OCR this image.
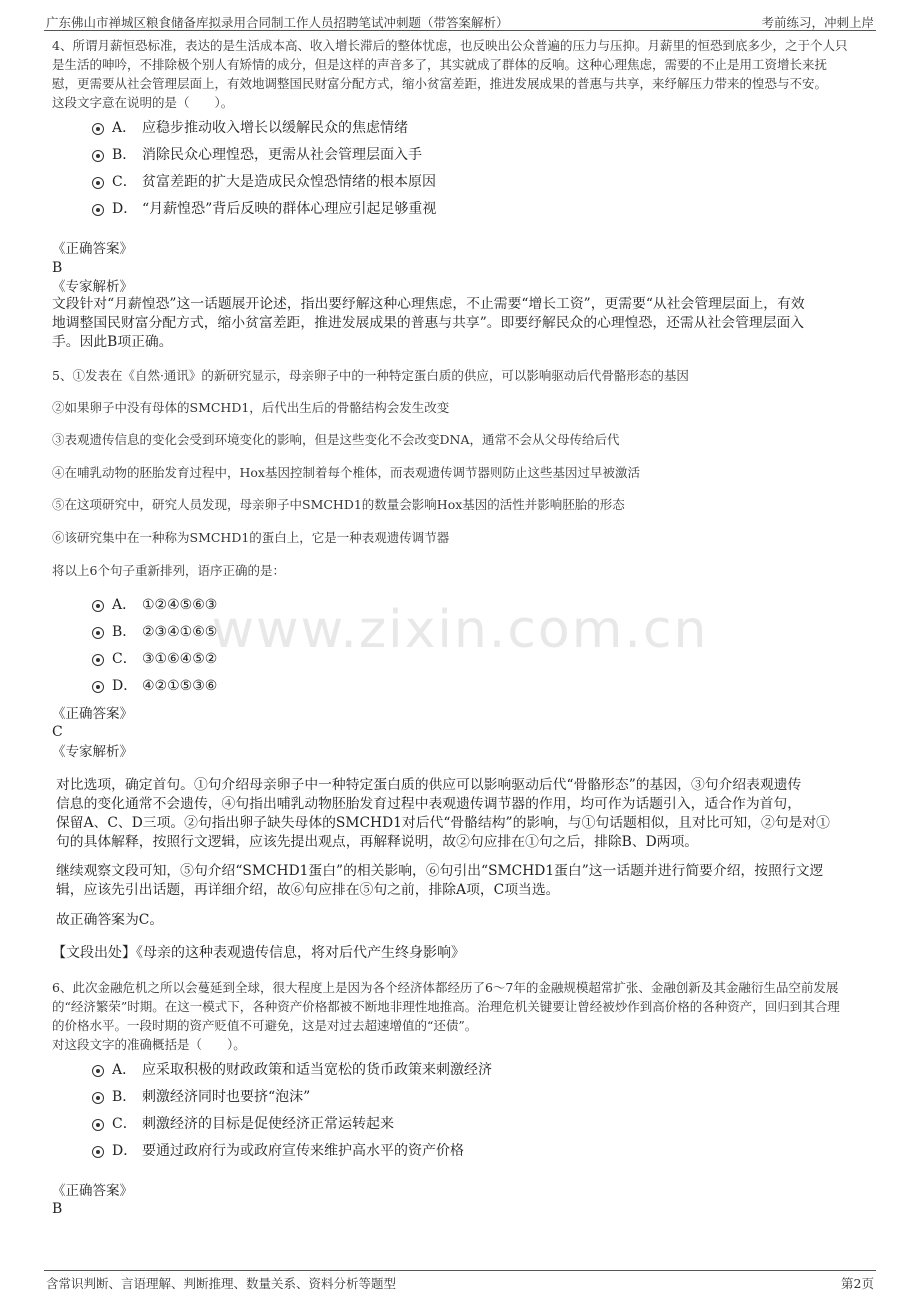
广东佛山市禅城区粮食储备库拟录用合同制工作人员招聘笔试冲刺题（带答案解析）	考前练习，冲刺上岸
www.zixin.com.cn
4、所谓月薪恒恐标准，表达的是生活成本高、收入增长滞后的整体忧虑，也反映出公众普遍的压力与压抑。月薪里的恒恐到底多少，之于个人只
是生活的呻吟，不排除极个别人有矫情的成分，但是这样的声音多了，其实就成了群体的反响。这种心理焦虑，需要的不止是用工资增长来抚
慰，更需要从社会管理层面上，有效地调整国民财富分配方式，缩小贫富差距，推进发展成果的普惠与共享，来纾解压力带来的惶恐与不安。
这段文字意在说明的是（　　）。
A． 应稳步推动收入增长以缓解民众的焦虑情绪
B． 消除民众心理惶恐，更需从社会管理层面入手
C． 贫富差距的扩大是造成民众惶恐情绪的根本原因
D． “月薪惶恐”背后反映的群体心理应引起足够重视
《正确答案》
B
《专家解析》
文段针对“月薪惶恐”这一话题展开论述，指出要纾解这种心理焦虑，不止需要“增长工资”，更需要“从社会管理层面上，有效
地调整国民财富分配方式，缩小贫富差距，推进发展成果的普惠与共享”。即要纾解民众的心理惶恐，还需从社会管理层面入
手。因此B项正确。
5、①发表在《自然·通讯》的新研究显示，母亲卵子中的一种特定蛋白质的供应，可以影响驱动后代骨骼形态的基因
②如果卵子中没有母体的SMCHD1，后代出生后的骨骼结构会发生改变
③表观遗传信息的变化会受到环境变化的影响，但是这些变化不会改变DNA，通常不会从父母传给后代
④在哺乳动物的胚胎发育过程中，Hox基因控制着每个椎体，而表观遗传调节器则防止这些基因过早被激活
⑤在这项研究中，研究人员发现，母亲卵子中SMCHD1的数量会影响Hox基因的活性并影响胚胎的形态
⑥该研究集中在一种称为SMCHD1的蛋白上，它是一种表观遗传调节器
将以上6个句子重新排列，语序正确的是：
A． ①②④⑤⑥③
B． ②③④①⑥⑤
C． ③①⑥④⑤②
D． ④②①⑤③⑥
《正确答案》
C
《专家解析》
对比选项，确定首句。①句介绍母亲卵子中一种特定蛋白质的供应可以影响驱动后代“骨骼形态”的基因，③句介绍表观遗传
信息的变化通常不会遗传，④句指出哺乳动物胚胎发育过程中表观遗传调节器的作用，均可作为话题引入，适合作为首句，
保留A、C、D三项。②句指出卵子缺失母体的SMCHD1对后代“骨骼结构”的影响，与①句话题相似，且对比可知，②句是对①
句的具体解释，按照行文逻辑，应该先提出观点，再解释说明，故②句应排在①句之后，排除B、D两项。
继续观察文段可知，⑤句介绍“SMCHD1蛋白”的相关影响，⑥句引出“SMCHD1蛋白”这一话题并进行简要介绍，按照行文逻
辑，应该先引出话题，再详细介绍，故⑥句应排在⑤句之前，排除A项，C项当选。
故正确答案为C。
【文段出处】《母亲的这种表观遗传信息，将对后代产生终身影响》
6、此次金融危机之所以会蔓延到全球，很大程度上是因为各个经济体都经历了6～7年的金融规模超常扩张、金融创新及其金融衍生品空前发展
的“经济繁荣”时期。在这一模式下，各种资产价格都被不断地非理性地推高。治理危机关键要让曾经被炒作到高价格的各种资产，回归到其合理
的价格水平。一段时期的资产贬值不可避免，这是对过去超速增值的“还债”。
对这段文字的准确概括是（　　）。
A． 应采取积极的财政政策和适当宽松的货币政策来刺激经济
B． 刺激经济同时也要挤“泡沫”
C． 刺激经济的目标是促使经济正常运转起来
D． 要通过政府行为或政府宣传来维护高水平的资产价格
《正确答案》
B
含常识判断、言语理解、判断推理、数量关系、资料分析等题型	第2页
